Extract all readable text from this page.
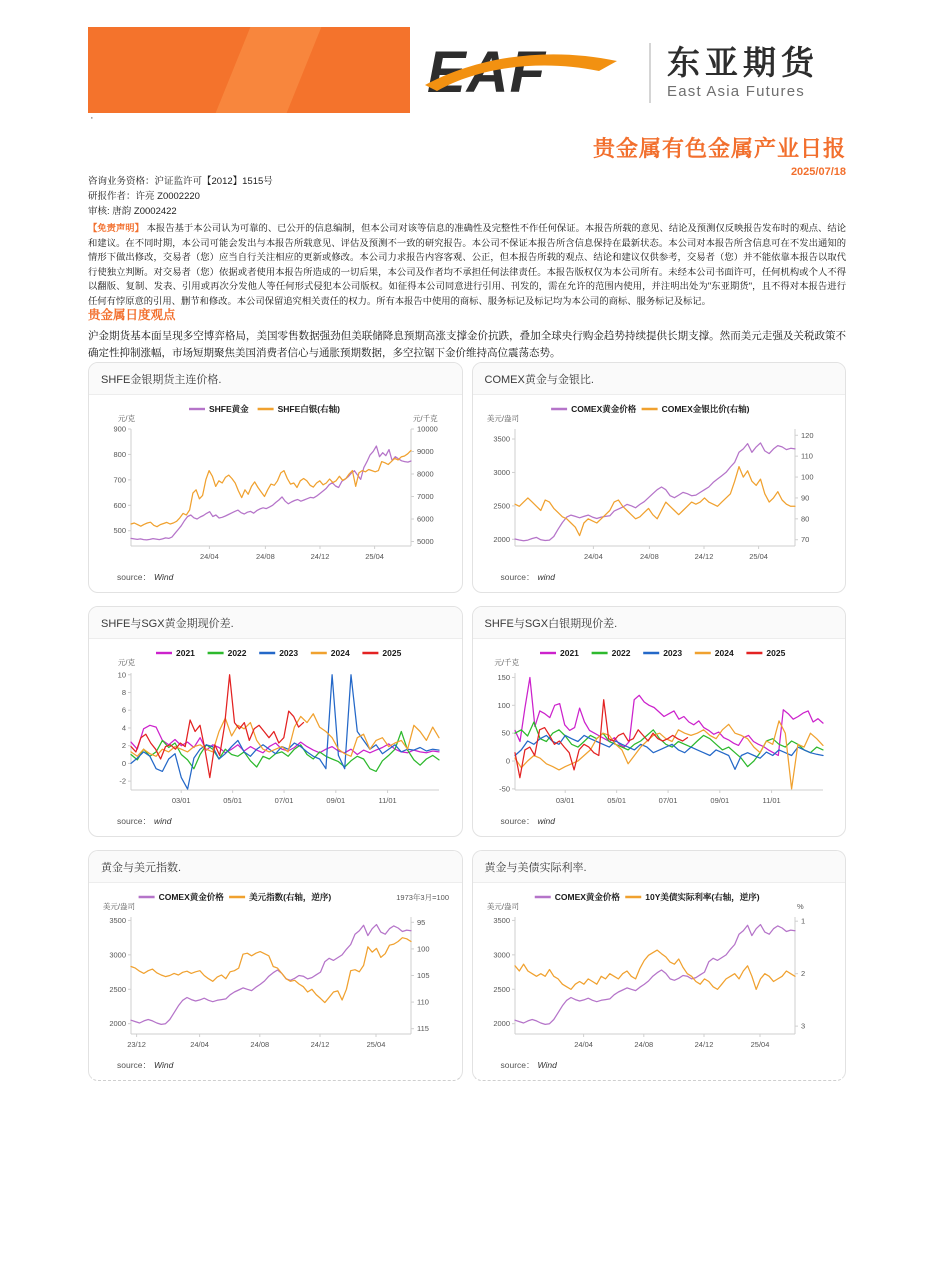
·
EAF	东亚期货
East Asia Futures
贵金属有色金属产业日报
2025/07/18
咨询业务资格：沪证监许可【2012】1515号
研报作者：许亮 Z0002220
审核: 唐韵 Z0002422
【免责声明】 本报告基于本公司认为可靠的、已公开的信息编制，但本公司对该等信息的准确性及完整性不作任何保证。本报告所载的意见、结论及预测仅反映报告发布时的观点、结论和建议。在不同时期，本公司可能会发出与本报告所载意见、评估及预测不一致的研究报告。本公司不保证本报告所含信息保持在最新状态。本公司对本报告所含信息可在不发出通知的情形下做出修改，交易者（您）应当自行关注相应的更新或修改。本公司力求报告内容客观、公正，但本报告所载的观点、结论和建议仅供参考，交易者（您）并不能依靠本报告以取代行使独立判断。对交易者（您）依据或者使用本报告所造成的一切后果，本公司及作者均不承担任何法律责任。本报告版权仅为本公司所有。未经本公司书面许可，任何机构或个人不得以翻版、复制、发表、引用或再次分发他人等任何形式侵犯本公司版权。如征得本公司同意进行引用、刊发的，需在允许的范围内使用，并注明出处为"东亚期货"，且不得对本报告进行任何有悖原意的引用、删节和修改。本公司保留追究相关责任的权力。所有本报告中使用的商标、服务标记及标记均为本公司的商标、服务标记及标记。
贵金属日度观点
沪金期货基本面呈现多空博弈格局，美国零售数据强劲但美联储降息预期高涨支撑金价抗跌，叠加全球央行购金趋势持续提供长期支撑。然而美元走强及关税政策不确定性抑制涨幅，市场短期聚焦美国消费者信心与通胀预期数据，多空拉锯下金价维持高位震荡态势。
SHFE金银期货主连价格.
900
800
700
600
500
元/克
10000
9000
8000
7000
6000
5000
元/千克
24/04	24/08	24/12	25/04
SHFE黄金	SHFE白银(右轴)
source： Wind
COMEX黄金与金银比.
3500
3000
2500
2000
美元/盎司
120
110
100
90
80
70
24/04	24/08	24/12	25/04
COMEX黄金价格	COMEX金银比价(右轴)
source： wind
SHFE与SGX黄金期现价差.
10
8
6
4
2
0
-2
元/克
03/01	05/01	07/01	09/01	11/01
2021	2022	2023	2024	2025
source： wind
SHFE与SGX白银期现价差.
150
100
50
0
-50
元/千克
03/01	05/01	07/01	09/01	11/01
2021	2022	2023	2024	2025
source： wind
黄金与美元指数.
3500
3000
2500
2000
美元/盎司
95
100
105
110
115
1973年3月=100
23/12	24/04	24/08	24/12	25/04
COMEX黄金价格	美元指数(右轴，逆序)
source： Wind
黄金与美债实际利率.
3500
3000
2500
2000
美元/盎司
1
2
3
%
24/04	24/08	24/12	25/04
COMEX黄金价格	10Y美债实际利率(右轴，逆序)
source： Wind
